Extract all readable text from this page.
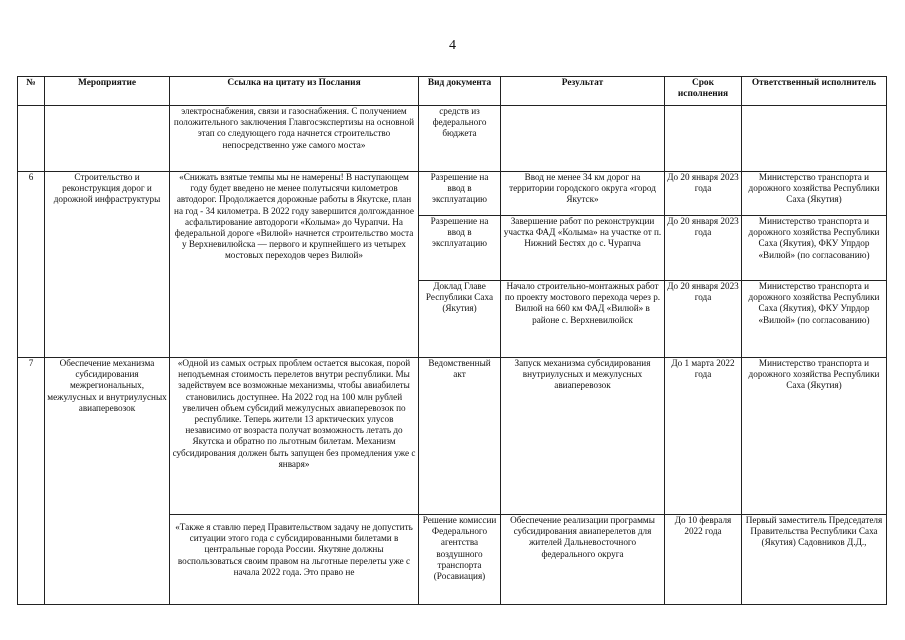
4
№	Мероприятие	Ссылка на цитату из Послания	Вид документа	Результат	Срок исполнения	Ответственный исполнитель
		электроснабжения, связи и газоснабжения. С получением положительного заключения Главгосэкспертизы на основной этап со следующего года начнется строительство непосредственно уже самого моста»	средств из федерального бюджета			
6	Строительство и реконструкция дорог и дорожной инфраструктуры	«Снижать взятые темпы мы не намерены! В наступающем году будет введено не менее полутысячи километров автодорог. Продолжается дорожные работы в Якутске, план на год - 34 километра. В 2022 году завершится долгожданное асфальтирование автодороги «Колыма» до Чурапчи. На федеральной дороге «Вилюй» начнется строительство моста у Верхневилюйска — первого и крупнейшего из четырех мостовых переходов через Вилюй»	Разрешение на ввод в эксплуатацию	Ввод не менее 34 км дорог на территории городского округа «город Якутск»	До 20 января 2023 года	Министерство транспорта и дорожного хозяйства Республики Саха (Якутия)
			Разрешение на ввод в эксплуатацию	Завершение работ по реконструкции участка ФАД «Колыма» на участке от п. Нижний Бестях до с. Чурапча	До 20 января 2023 года	Министерство транспорта и дорожного хозяйства Республики Саха (Якутия), ФКУ Упрдор «Вилюй» (по согласованию)
			Доклад Главе Республики Саха (Якутия)	Начало строительно-монтажных работ по проекту мостового перехода через р. Вилюй на 660 км ФАД «Вилюй» в районе с. Верхневилюйск	До 20 января 2023 года	Министерство транспорта и дорожного хозяйства Республики Саха (Якутия), ФКУ Упрдор «Вилюй» (по согласованию)
7	Обеспечение механизма субсидирования межрегиональных, межулусных и внутриулусных авиаперевозок	«Одной из самых острых проблем остается высокая, порой неподъемная стоимость перелетов внутри республики. Мы задействуем все возможные механизмы, чтобы авиабилеты становились доступнее. На 2022 год на 100 млн рублей увеличен объем субсидий межулусных авиаперевозок по республике. Теперь жители 13 арктических улусов независимо от возраста получат возможность летать до Якутска и обратно по льготным билетам. Механизм субсидирования должен быть запущен без промедления уже с января»	Ведомственный акт	Запуск механизма субсидирования внутриулусных и межулусных авиаперевозок	До 1 марта 2022 года	Министерство транспорта и дорожного хозяйства Республики Саха (Якутия)
		«Также я ставлю перед Правительством задачу не допустить ситуации этого года с субсидированными билетами в центральные города России. Якутяне должны воспользоваться своим правом на льготные перелеты уже с начала 2022 года. Это право не	Решение комиссии Федерального агентства воздушного транспорта (Росавиация)	Обеспечение реализации программы субсидирования авиаперелетов для жителей Дальневосточного федерального округа	До 10 февраля 2022 года	Первый заместитель Председателя Правительства Республики Саха (Якутия) Садовников Д.Д.,
